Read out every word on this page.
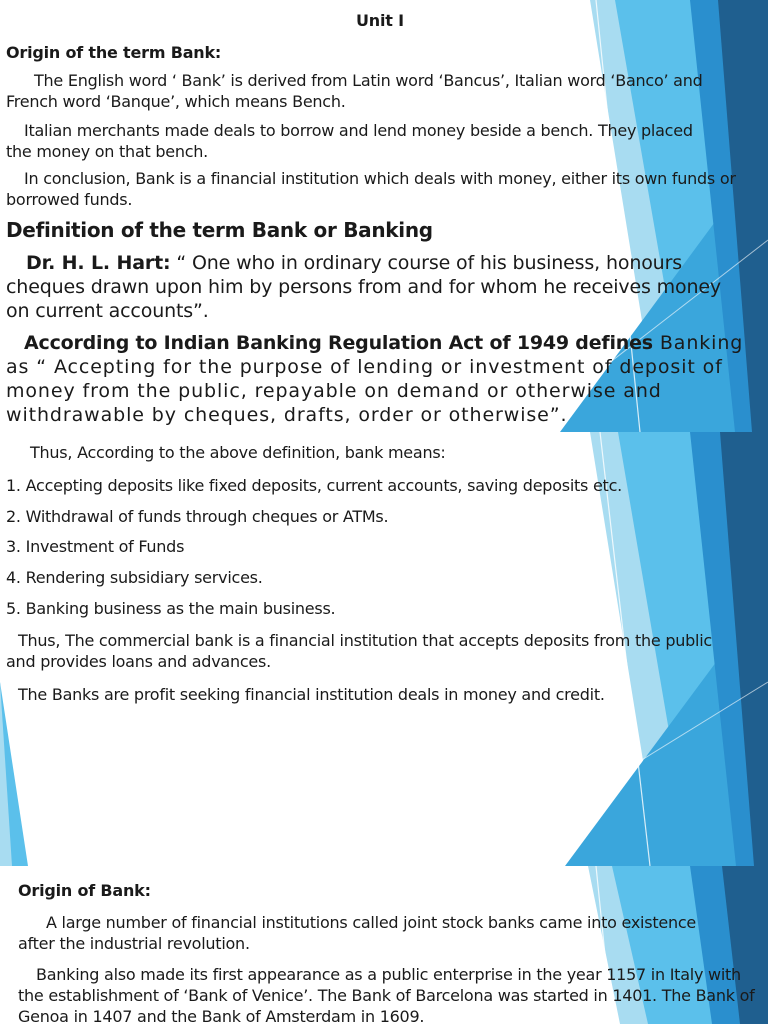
Unit I

Origin of the term Bank:

The English word ‘ Bank’ is derived from Latin word ‘Bancus’, Italian word ‘Banco’ and French word ‘Banque’, which means Bench.

Italian merchants made deals to borrow and lend money beside a bench. They placed the money on that bench.

In conclusion, Bank is a financial institution which deals with money, either its own funds or borrowed funds.

Definition of the term Bank or Banking

Dr. H. L. Hart: “ One who in ordinary course of his business, honours cheques drawn upon him by persons from and for whom he receives money on current accounts”.

According to Indian Banking Regulation Act of 1949 defines Banking as “ Accepting for the purpose of lending or investment of deposit of money from the public, repayable on demand or otherwise and withdrawable by cheques, drafts, order or otherwise”.

Thus, According to the above definition, bank means:

1. Accepting deposits like fixed deposits, current accounts, saving deposits etc.

2. Withdrawal of funds through cheques or ATMs.

3. Investment of Funds

4. Rendering subsidiary services.

5. Banking business as the main business.

Thus, The commercial bank is a financial institution that accepts deposits from the public and provides loans and advances.

The Banks are profit seeking financial institution deals in money and credit.

Origin of Bank:

A large number of financial institutions called joint stock banks came into existence after the industrial revolution.

Banking also made its first appearance as a public enterprise in the year 1157 in Italy with the establishment of ‘Bank of Venice’. The Bank of Barcelona was started in 1401. The Bank of Genoa in 1407 and the Bank of Amsterdam in 1609.
